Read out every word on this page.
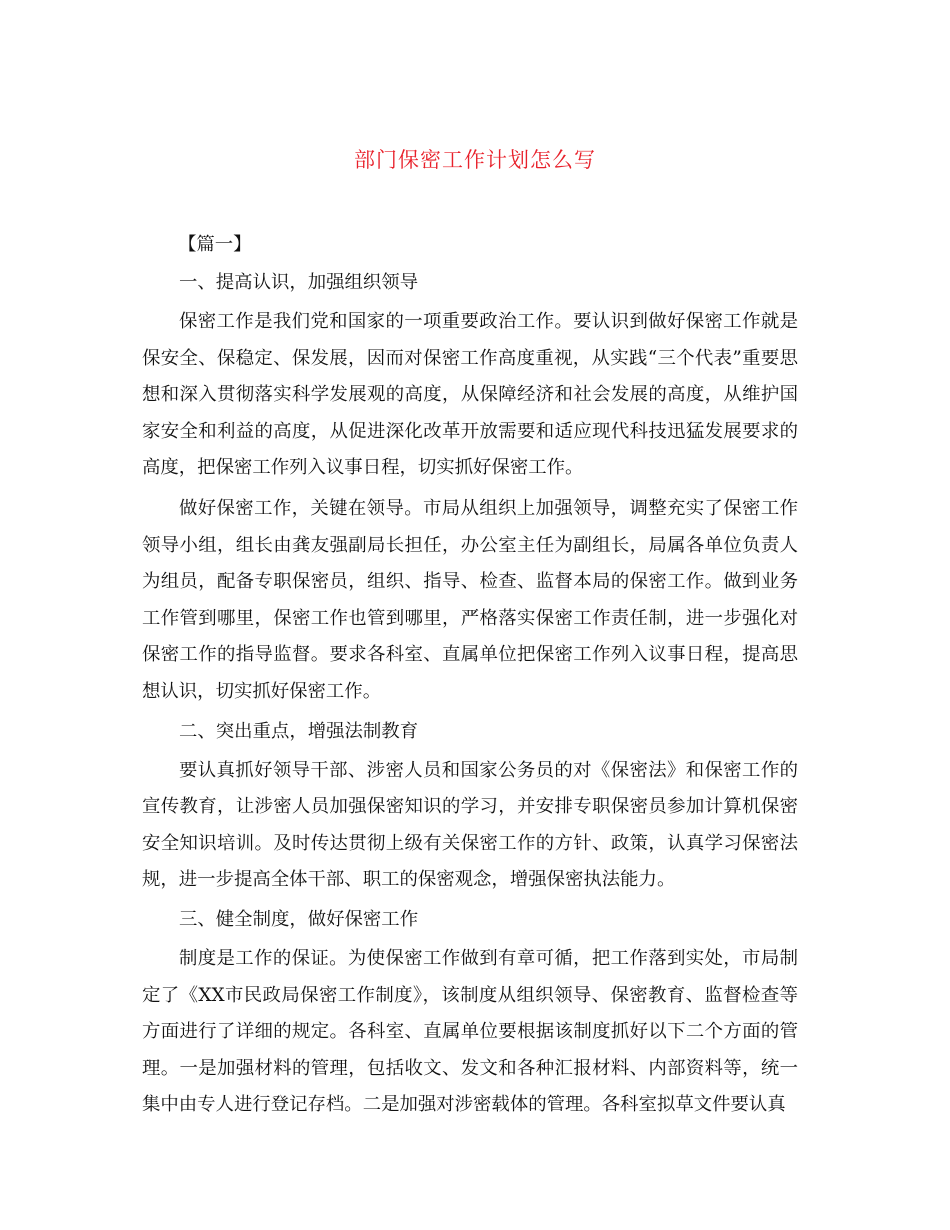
部门保密工作计划怎么写
【篇一】
一、提高认识，加强组织领导
保密工作是我们党和国家的一项重要政治工作。要认识到做好保密工作就是保安全、保稳定、保发展，因而对保密工作高度重视，从实践“三个代表”重要思想和深入贯彻落实科学发展观的高度，从保障经济和社会发展的高度，从维护国家安全和利益的高度，从促进深化改革开放需要和适应现代科技迅猛发展要求的高度，把保密工作列入议事日程，切实抓好保密工作。
做好保密工作，关键在领导。市局从组织上加强领导，调整充实了保密工作领导小组，组长由龚友强副局长担任，办公室主任为副组长，局属各单位负责人为组员，配备专职保密员，组织、指导、检查、监督本局的保密工作。做到业务工作管到哪里，保密工作也管到哪里，严格落实保密工作责任制，进一步强化对保密工作的指导监督。要求各科室、直属单位把保密工作列入议事日程，提高思想认识，切实抓好保密工作。
二、突出重点，增强法制教育
要认真抓好领导干部、涉密人员和国家公务员的对《保密法》和保密工作的宣传教育，让涉密人员加强保密知识的学习，并安排专职保密员参加计算机保密安全知识培训。及时传达贯彻上级有关保密工作的方针、政策，认真学习保密法规，进一步提高全体干部、职工的保密观念，增强保密执法能力。
三、健全制度，做好保密工作
制度是工作的保证。为使保密工作做到有章可循，把工作落到实处，市局制定了《XX市民政局保密工作制度》，该制度从组织领导、保密教育、监督检查等方面进行了详细的规定。各科室、直属单位要根据该制度抓好以下二个方面的管理。一是加强材料的管理，包括收文、发文和各种汇报材料、内部资料等，统一集中由专人进行登记存档。二是加强对涉密载体的管理。各科室拟草文件要认真
